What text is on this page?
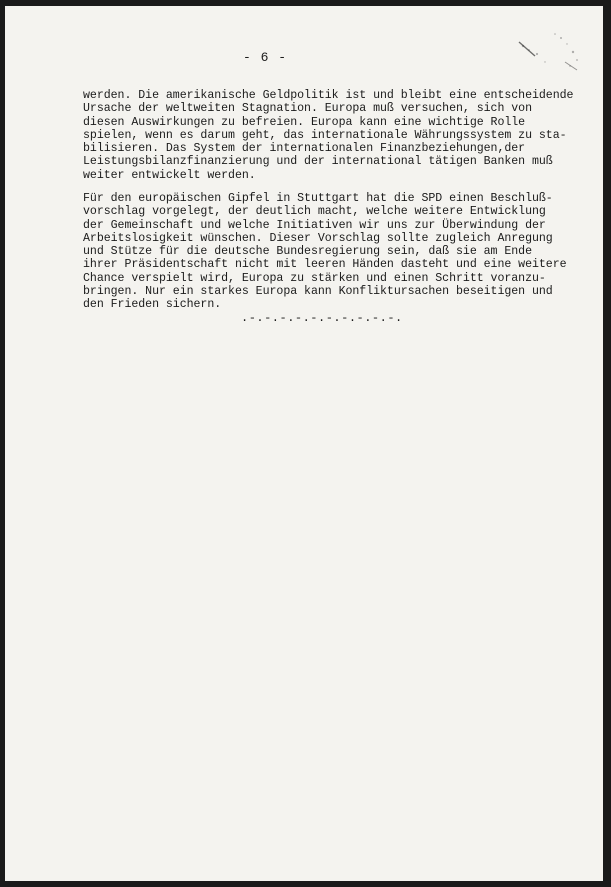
- 6 -
werden. Die amerikanische Geldpolitik ist und bleibt eine entscheidende
Ursache der weltweiten Stagnation. Europa muß versuchen, sich von
diesen Auswirkungen zu befreien. Europa kann eine wichtige Rolle
spielen, wenn es darum geht, das internationale Währungssystem zu sta-
bilisieren. Das System der internationalen Finanzbeziehungen,der
Leistungsbilanzfinanzierung und der international tätigen Banken muß
weiter entwickelt werden.
Für den europäischen Gipfel in Stuttgart hat die SPD einen Beschluß-
vorschlag vorgelegt, der deutlich macht, welche weitere Entwicklung
der Gemeinschaft und welche Initiativen wir uns zur Überwindung der
Arbeitslosigkeit wünschen. Dieser Vorschlag sollte zugleich Anregung
und Stütze für die deutsche Bundesregierung sein, daß sie am Ende
ihrer Präsidentschaft nicht mit leeren Händen dasteht und eine weitere
Chance verspielt wird, Europa zu stärken und einen Schritt voranzu-
bringen. Nur ein starkes Europa kann Konfliktursachen beseitigen und
den Frieden sichern.
.-.-.-.-.-.-.-.-.-.-.
